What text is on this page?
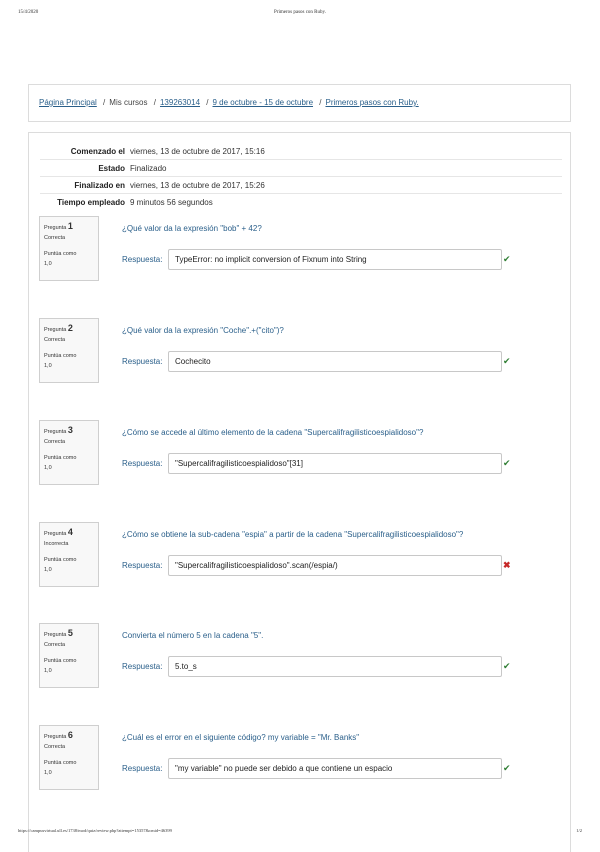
15/4/2020	Primeros pasos con Ruby.
Página Principal / Mis cursos / 139263014 / 9 de octubre - 15 de octubre / Primeros pasos con Ruby.
Comenzado el	viernes, 13 de octubre de 2017, 15:16
Estado	Finalizado
Finalizado en	viernes, 13 de octubre de 2017, 15:26
Tiempo empleado	9 minutos 56 segundos
Pregunta 1
Correcta
Puntúa como
1,0
¿Qué valor da la expresión "bob" + 42?
Respuesta:	TypeError: no implicit conversion of Fixnum into String	✔
Pregunta 2
Correcta
Puntúa como
1,0
¿Qué valor da la expresión "Coche".+("cito")?
Respuesta:	Cochecito	✔
Pregunta 3
Correcta
Puntúa como
1,0
¿Cómo se accede al último elemento de la cadena "Supercalifragilisticoespialidoso"?
Respuesta:	"Supercalifragilisticoespialidoso"[31]	✔
Pregunta 4
Incorrecta
Puntúa como
1,0
¿Cómo se obtiene la sub-cadena "espia" a partir de la cadena "Supercalifragilisticoespialidoso"?
Respuesta:	"Supercalifragilisticoespialidoso".scan(/espia/)	✖
Pregunta 5
Correcta
Puntúa como
1,0
Convierta el número 5 en la cadena "5".
Respuesta:	5.to_s	✔
Pregunta 6
Correcta
Puntúa como
1,0
¿Cuál es el error en el siguiente código? my variable = "Mr. Banks"
Respuesta:	"my variable" no puede ser debido a que contiene un espacio	✔
https://campusvirtual.ull.es/1738/mod/quiz/review.php?attempt=15357&cmid=46399	1/2
